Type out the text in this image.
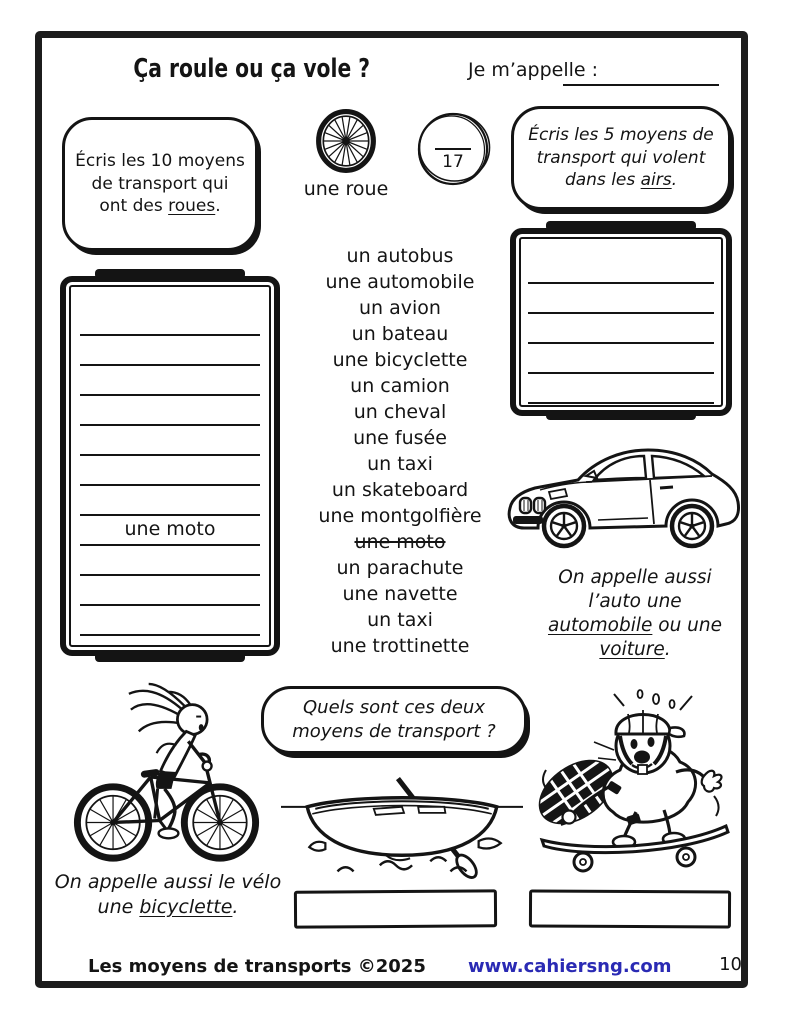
Ça roule ou ça vole ?	Je m’appelle :
Écris les 10 moyens de transport qui ont des roues.
une roue
17
Écris les 5 moyens de transport qui volent dans les airs.
une moto
un autobus
une automobile
un avion
un bateau
une bicyclette
un camion
un cheval
une fusée
un taxi
un skateboard
une montgolfière
une moto
un parachute
une navette
un taxi
une trottinette
On appelle aussi l’auto une automobile ou une voiture.
On appelle aussi le vélo une bicyclette.
Quels sont ces deux moyens de transport ?
Les moyens de transports ©2025 www.cahiersng.com	10
